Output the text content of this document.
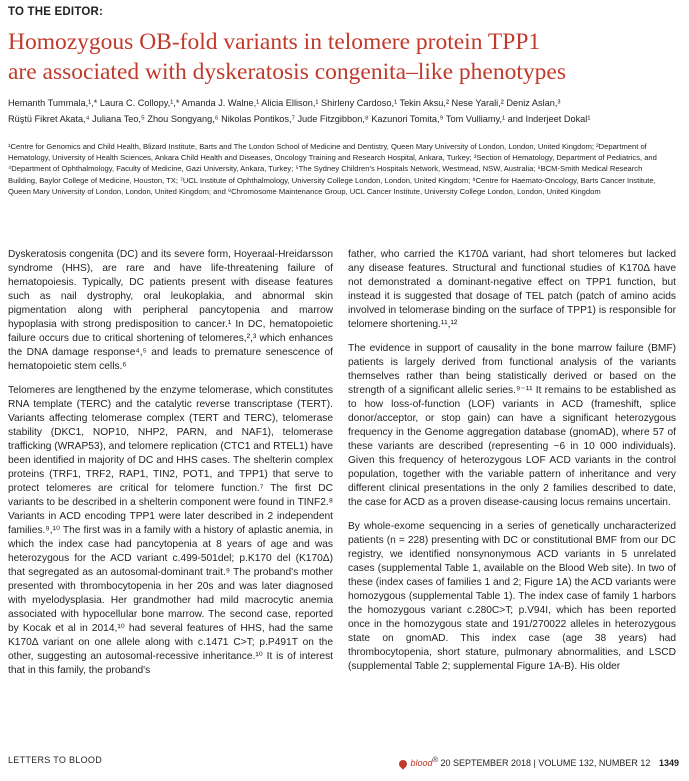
TO THE EDITOR:
Homozygous OB-fold variants in telomere protein TPP1
are associated with dyskeratosis congenita–like phenotypes
Hemanth Tummala,¹,* Laura C. Collopy,¹,* Amanda J. Walne,¹ Alicia Ellison,¹ Shirleny Cardoso,¹ Tekin Aksu,² Nese Yarali,² Deniz Aslan,³
Rüştü Fikret Akata,⁴ Juliana Teo,⁵ Zhou Songyang,⁶ Nikolas Pontikos,⁷ Jude Fitzgibbon,⁸ Kazunori Tomita,⁹ Tom Vulliamy,¹ and Inderjeet Dokal¹
¹Centre for Genomics and Child Health, Blizard Institute, Barts and The London School of Medicine and Dentistry, Queen Mary University of London, London, United Kingdom; ²Department of Hematology, University of Health Sciences, Ankara Child Health and Diseases, Oncology Training and Research Hospital, Ankara, Turkey; ³Section of Hematology, Department of Pediatrics, and ⁴Department of Ophthalmology, Faculty of Medicine, Gazi University, Ankara, Turkey; ⁵The Sydney Children's Hospitals Network, Westmead, NSW, Australia; ⁶BCM-Smith Medical Research Building, Baylor College of Medicine, Houston, TX; ⁷UCL Institute of Ophthalmology, University College London, London, United Kingdom; ⁸Centre for Haemato-Oncology, Barts Cancer Institute, Queen Mary University of London, London, United Kingdom; and ⁹Chromosome Maintenance Group, UCL Cancer Institute, University College London, London, United Kingdom

Dyskeratosis congenita (DC) and its severe form, Hoyeraal-Hreidarsson syndrome (HHS), are rare and have life-threatening failure of hematopoiesis. Typically, DC patients present with disease features such as nail dystrophy, oral leukoplakia, and abnormal skin pigmentation along with peripheral pancytopenia and marrow hypoplasia with strong predisposition to cancer.¹ In DC, hematopoietic failure occurs due to critical shortening of telomeres,²,³ which enhances the DNA damage response⁴,⁵ and leads to premature senescence of hematopoietic stem cells.⁶

Telomeres are lengthened by the enzyme telomerase, which constitutes RNA template (TERC) and the catalytic reverse transcriptase (TERT). Variants affecting telomerase complex (TERT and TERC), telomerase stability (DKC1, NOP10, NHP2, PARN, and NAF1), telomerase trafficking (WRAP53), and telomere replication (CTC1 and RTEL1) have been identified in majority of DC and HHS cases. The shelterin complex proteins (TRF1, TRF2, RAP1, TIN2, POT1, and TPP1) that serve to protect telomeres are critical for telomere function.⁷ The first DC variants to be described in a shelterin component were found in TINF2.⁸ Variants in ACD encoding TPP1 were later described in 2 independent families.⁹,¹⁰ The first was in a family with a history of aplastic anemia, in which the index case had pancytopenia at 8 years of age and was heterozygous for the ACD variant c.499-501del; p.K170 del (K170Δ) that segregated as an autosomal-dominant trait.⁹ The proband's mother presented with thrombocytopenia in her 20s and was later diagnosed with myelodysplasia. Her grandmother had mild macrocytic anemia associated with hypocellular bone marrow. The second case, reported by Kocak et al in 2014,¹⁰ had several features of HHS, had the same K170Δ variant on one allele along with c.1471 C>T; p.P491T on the other, suggesting an autosomal-recessive inheritance.¹⁰ It is of interest that in this family, the proband's

father, who carried the K170Δ variant, had short telomeres but lacked any disease features. Structural and functional studies of K170Δ have not demonstrated a dominant-negative effect on TPP1 function, but instead it is suggested that dosage of TEL patch (patch of amino acids involved in telomerase binding on the surface of TPP1) is responsible for telomere shortening.¹¹,¹²

The evidence in support of causality in the bone marrow failure (BMF) patients is largely derived from functional analysis of the variants themselves rather than being statistically derived or based on the strength of a significant allelic series.⁹⁻¹¹ It remains to be established as to how loss-of-function (LOF) variants in ACD (frameshift, splice donor/acceptor, or stop gain) can have a significant heterozygous frequency in the Genome aggregation database (gnomAD), where 57 of these variants are described (representing ~6 in 10 000 individuals). Given this frequency of heterozygous LOF ACD variants in the control population, together with the variable pattern of inheritance and very different clinical presentations in the only 2 families described to date, the case for ACD as a proven disease-causing locus remains uncertain.

By whole-exome sequencing in a series of genetically uncharacterized patients (n = 228) presenting with DC or constitutional BMF from our DC registry, we identified nonsynonymous ACD variants in 5 unrelated cases (supplemental Table 1, available on the Blood Web site). In two of these (index cases of families 1 and 2; Figure 1A) the ACD variants were homozygous (supplemental Table 1). The index case of family 1 harbors the homozygous variant c.280C>T; p.V94I, which has been reported once in the homozygous state and 191/270022 alleles in heterozygous state on gnomAD. This index case (age 38 years) had thrombocytopenia, short stature, pulmonary abnormalities, and LSCD (supplemental Table 2; supplemental Figure 1A-B). His older

LETTERS TO BLOOD	blood® 20 SEPTEMBER 2018 | VOLUME 132, NUMBER 12 1349
